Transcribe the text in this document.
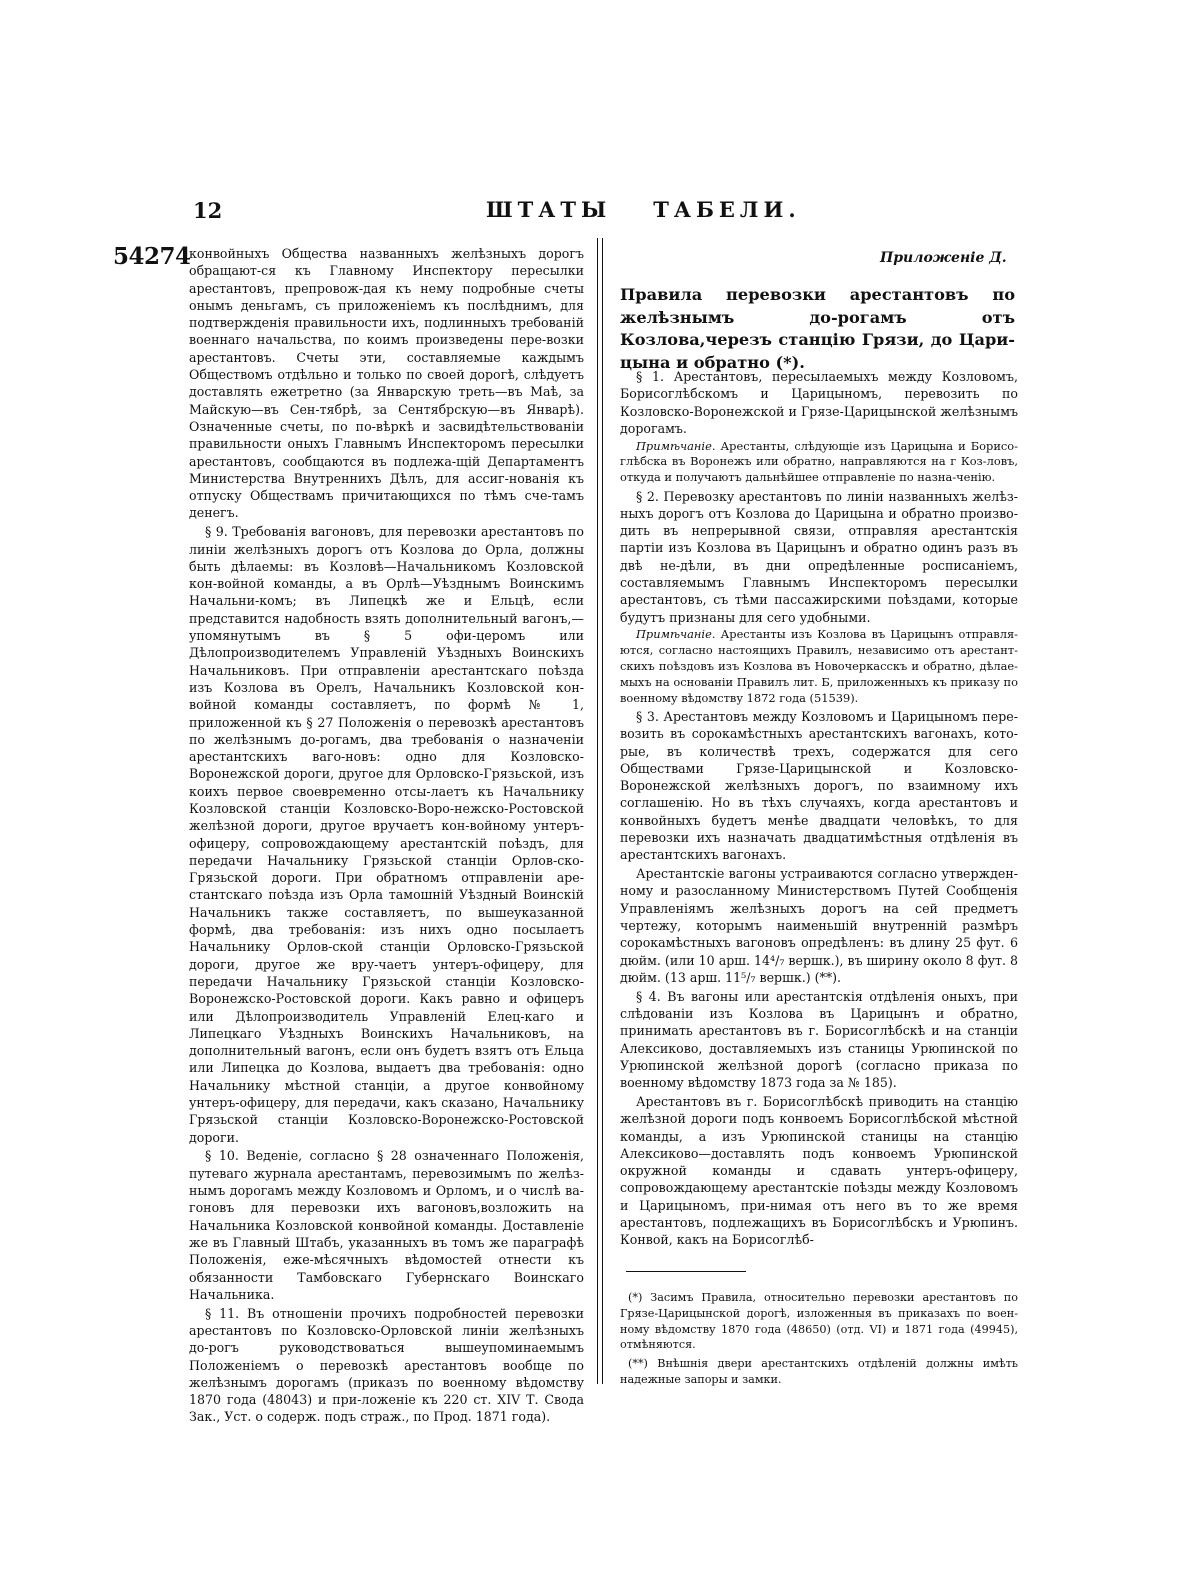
12	ШТАТЫ ТАБЕЛИ.
54274

конвойныхъ Общества названныхъ желѣзныхъ дорогъ обращают-ся къ Главному Инспектору пересылки арестантовъ, препровож-дая къ нему подробные счеты онымъ деньгамъ, съ приложеніемъ къ послѣднимъ, для подтвержденія правильности ихъ, подлинныхъ требованій военнаго начальства, по коимъ произведены пере-возки арестантовъ. Счеты эти, составляемые каждымъ Обществомъ отдѣльно и только по своей дорогѣ, слѣдуетъ доставлять ежетретно (за Январскую треть—въ Маѣ, за Майскую—въ Сен-тябрѣ, за Сентябрскую—въ Январѣ). Означенные счеты, по по-вѣркѣ и засвидѣтельствованіи правильности оныхъ Главнымъ Инспекторомъ пересылки арестантовъ, сообщаются въ подлежа-щій Департаментъ Министерства Внутреннихъ Дѣлъ, для ассиг-нованія къ отпуску Обществамъ причитающихся по тѣмъ сче-тамъ денегъ.

§ 9. Требованія вагоновъ, для перевозки арестантовъ по линіи желѣзныхъ дорогъ отъ Козлова до Орла, должны быть дѣлаемы: въ Козловѣ—Начальникомъ Козловской кон-войной команды, а въ Орлѣ—Уѣзднымъ Воинскимъ Начальни-комъ; въ Липецкѣ же и Ельцѣ, если представится надобность взять дополнительный вагонъ,—упомянутымъ въ § 5 офи-церомъ или Дѣлопроизводителемъ Управленій Уѣздныхъ Воинскихъ Начальниковъ. При отправленіи арестантскаго поѣзда изъ Козлова въ Орелъ, Начальникъ Козловской кон-войной команды составляетъ, по формѣ № 1, приложенной къ § 27 Положенія о перевозкѣ арестантовъ по желѣзнымъ до-рогамъ, два требованія о назначеніи арестантскихъ ваго-новъ: одно для Козловско-Воронежской дороги, другое для Орловско-Грязьской, изъ коихъ первое своевременно отсы-лаетъ къ Начальнику Козловской станціи Козловско-Воро-нежско-Ростовской желѣзной дороги, другое вручаетъ кон-войному унтеръ-офицеру, сопровождающему арестантскій поѣздъ, для передачи Начальнику Грязьской станціи Орлов-ско-Грязьской дороги. При обратномъ отправленіи аре-стантскаго поѣзда изъ Орла тамошній Уѣздный Воинскій Начальникъ также составляетъ, по вышеуказанной формѣ, два требованія: изъ нихъ одно посылаетъ Начальнику Орлов-ской станціи Орловско-Грязьской дороги, другое же вру-чаетъ унтеръ-офицеру, для передачи Начальнику Грязьской станціи Козловско-Воронежско-Ростовской дороги. Какъ равно и офицеръ или Дѣлопроизводитель Управленій Елец-каго и Липецкаго Уѣздныхъ Воинскихъ Начальниковъ, на дополнительный вагонъ, если онъ будетъ взятъ отъ Ельца или Липецка до Козлова, выдаетъ два требованія: одно Начальнику мѣстной станціи, а другое конвойному унтеръ-офицеру, для передачи, какъ сказано, Начальнику Грязьской станціи Козловско-Воронежско-Ростовской дороги.

§ 10. Веденіе, согласно § 28 означеннаго Положенія, путеваго журнала арестантамъ, перевозимымъ по желѣз-нымъ дорогамъ между Козловомъ и Орломъ, и о числѣ ва-гоновъ для перевозки ихъ вагоновъ,возложить на Начальника Козловской конвойной команды. Доставленіе же въ Главный Штабъ, указанныхъ въ томъ же параграфѣ Положенія, еже-мѣсячныхъ вѣдомостей отнести къ обязанности Тамбовскаго Губернскаго Воинскаго Начальника.

§ 11. Въ отношеніи прочихъ подробностей перевозки арестантовъ по Козловско-Орловской линіи желѣзныхъ до-рогъ руководствоваться вышеупоминаемымъ Положеніемъ о перевозкѣ арестантовъ вообще по желѣзнымъ дорогамъ (приказъ по военному вѣдомству 1870 года (48043) и при-ложеніе къ 220 ст. XIV Т. Свода Зак., Уст. о содерж. подъ страж., по Прод. 1871 года).

Приложеніе Д.
Правила перевозки арестантовъ по желѣзнымъ до-рогамъ отъ Козлова,черезъ станцію Грязи, до Цари-цына и обратно (*).

§ 1. Арестантовъ, пересылаемыхъ между Козловомъ, Борисоглѣбскомъ и Царицыномъ, перевозить по Козловско-Воронежской и Грязе-Царицынской желѣзнымъ дорогамъ.

Примѣчаніе. Арестанты, слѣдующіе изъ Царицына и Борисо-глѣбска въ Воронежъ или обратно, направляются на г Коз-ловъ, откуда и получаютъ дальнѣйшее отправленіе по назна-ченію.

§ 2. Перевозку арестантовъ по линіи названныхъ желѣз-ныхъ дорогъ отъ Козлова до Царицына и обратно произво-дить въ непрерывной связи, отправляя арестантскія партіи изъ Козлова въ Царицынъ и обратно одинъ разъ въ двѣ не-дѣли, въ дни опредѣленные росписаніемъ, составляемымъ Главнымъ Инспекторомъ пересылки арестантовъ, съ тѣми пассажирскими поѣздами, которые будутъ признаны для сего удобными.

Примѣчаніе. Арестанты изъ Козлова въ Царицынъ отправля-ются, согласно настоящихъ Правилъ, независимо отъ арестант-скихъ поѣздовъ изъ Козлова въ Новочеркасскъ и обратно, дѣлае-мыхъ на основаніи Правилъ лит. Б, приложенныхъ къ приказу по военному вѣдомству 1872 года (51539).

§ 3. Арестантовъ между Козловомъ и Царицыномъ пере-возить въ сорокамѣстныхъ арестантскихъ вагонахъ, кото-рые, въ количествѣ трехъ, содержатся для сего Обществами Грязе-Царицынской и Козловско-Воронежской желѣзныхъ дорогъ, по взаимному ихъ соглашенію. Но въ тѣхъ случаяхъ, когда арестантовъ и конвойныхъ будетъ менѣе двадцати человѣкъ, то для перевозки ихъ назначать двадцатимѣстныя отдѣленія въ арестантскихъ вагонахъ.

Арестантскіе вагоны устраиваются согласно утвержден-ному и разосланному Министерствомъ Путей Сообщенія Управленіямъ желѣзныхъ дорогъ на сей предметъ чертежу, которымъ наименьшій внутренній размѣръ сорокамѣстныхъ вагоновъ опредѣленъ: въ длину 25 фут. 6 дюйм. (или 10 арш. 14⁴/₇ вершк.), въ ширину около 8 фут. 8 дюйм. (13 арш. 11⁵/₇ вершк.) (**).

§ 4. Въ вагоны или арестантскія отдѣленія оныхъ, при слѣдованіи изъ Козлова въ Царицынъ и обратно, принимать арестантовъ въ г. Борисоглѣбскѣ и на станціи Алексиково, доставляемыхъ изъ станицы Урюпинской по Урюпинской желѣзной дорогѣ (согласно приказа по военному вѣдомству 1873 года за № 185).

Арестантовъ въ г. Борисоглѣбскѣ приводить на станцію желѣзной дороги подъ конвоемъ Борисоглѣбской мѣстной команды, а изъ Урюпинской станицы на станцію Алексиково—доставлять подъ конвоемъ Урюпинской окружной команды и сдавать унтеръ-офицеру, сопровождающему арестантскіе поѣзды между Козловомъ и Царицыномъ, при-нимая отъ него въ то же время арестантовъ, подлежащихъ въ Борисоглѣбскъ и Урюпинъ. Конвой, какъ на Борисоглѣб-

(*) Засимъ Правила, относительно перевозки арестантовъ по Грязе-Царицынской дорогѣ, изложенныя въ приказахъ по воен-ному вѣдомству 1870 года (48650) (отд. VI) и 1871 года (49945), отмѣняются.

(**) Внѣшнія двери арестантскихъ отдѣленій должны имѣть надежные запоры и замки.
